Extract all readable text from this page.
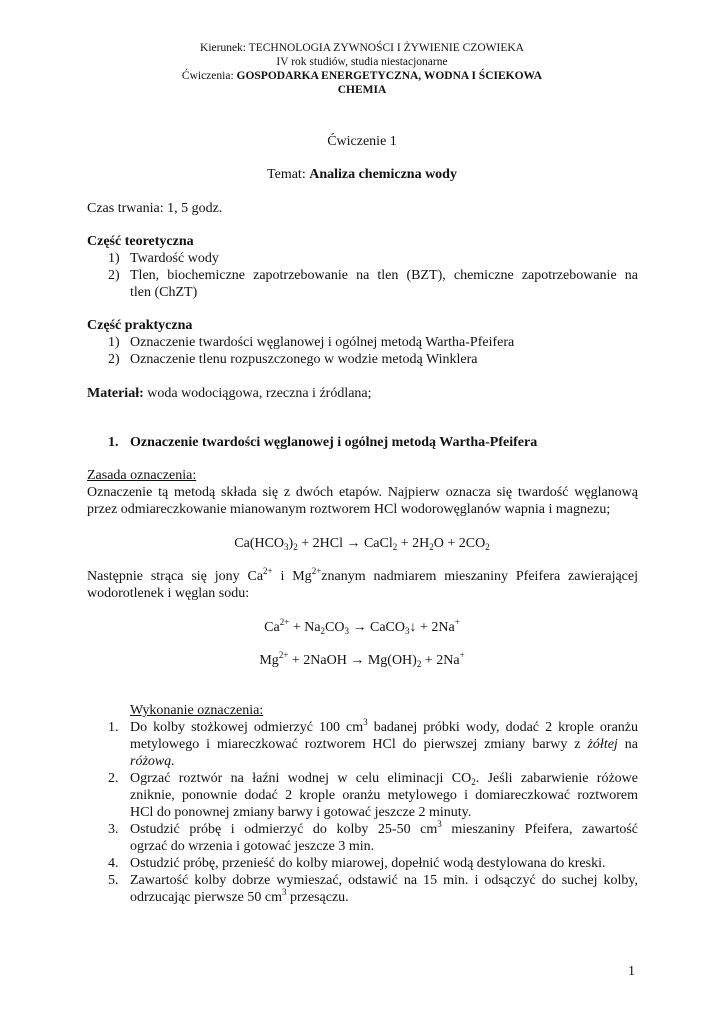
Kierunek: TECHNOLOGIA ZYWNOŚCI I ŻYWIENIE CZOWIEKA
IV rok studiów, studia niestacjonarne
Ćwiczenia: GOSPODARKA ENERGETYCZNA, WODNA I ŚCIEKOWA
CHEMIA
Ćwiczenie 1
Temat: Analiza chemiczna wody
Czas trwania: 1, 5 godz.
Część teoretyczna
1) Twardość wody
2) Tlen, biochemiczne zapotrzebowanie na tlen (BZT), chemiczne zapotrzebowanie na
tlen (ChZT)
Część praktyczna
1) Oznaczenie twardości węglanowej i ogólnej metodą Wartha-Pfeifera
2) Oznaczenie tlenu rozpuszczonego w wodzie metodą Winklera
Materiał: woda wodociągowa, rzeczna i źródlana;
1. Oznaczenie twardości węglanowej i ogólnej metodą Wartha-Pfeifera
Zasada oznaczenia:
Oznaczenie tą metodą składa się z dwóch etapów. Najpierw oznacza się twardość węglanową
przez odmiareczkowanie mianowanym roztworem HCl wodorowęglanów wapnia i magnezu;
$Ca(HCO_3)_2 + 2HCl$ → CaCl$_2$ + $2H_2O + 2CO_2$
Następnie strąca się jony $Ca^{2+}$ i $Mg^{2+}znanym$ nadmiarem mieszaniny Pfeifera zawierającej
wodorotlenek i węglan sodu:
$Ca^{2+} + Na_2CO_3$ → CaCO$_3$↓ + 2Na+
$Mg^{2+}$ + 2NaOH → $Mg(OH)_2 + 2Na^+$
Wykonanie oznaczenia:
1. Do kolby stożkowej odmierzyć 100 $cm^3$ badanej próbki wody, dodać 2 krople oranżu
metylowego i miareczkować roztworem HCl do pierwszej zmiany barwy z żółtej na
różową.
2. Ogrzać roztwór na łaźni wodnej w celu eliminacji $CO_2$. Jeśli zabarwienie różowe
zniknie, ponownie dodać 2 krople oranżu metylowego i domiareczkować roztworem
HCl do ponownej zmiany barwy i gotować jeszcze 2 minuty.
3. Ostudzić próbę i odmierzyć do kolby 25-50 $cm^3$ mieszaniny Pfeifera, zawartość
ogrzać do wrzenia i gotować jeszcze 3 min.
4. Ostudzić próbę, przenieść do kolby miarowej, dopełnić wodą destylowana do kreski.
5. Zawartość kolby dobrze wymieszać, odstawić na 15 min. i odsączyć do suchej kolby,
odrzucając pierwsze 50 $cm^3$ przesączu.
1
